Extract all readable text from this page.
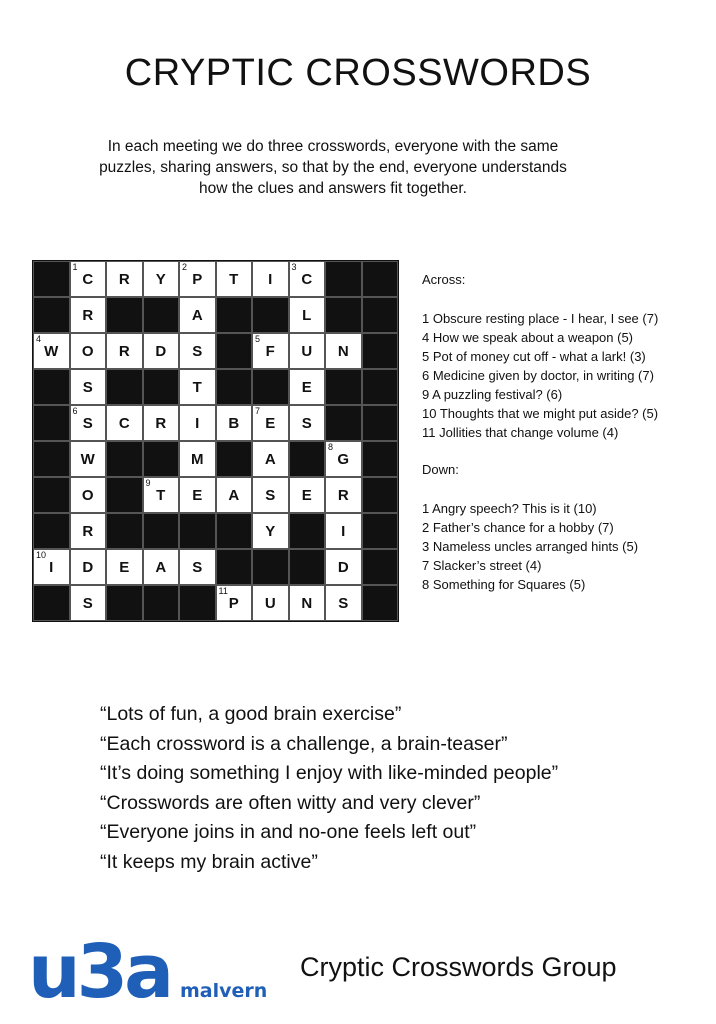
CRYPTIC CROSSWORDS
In each meeting we do three crosswords, everyone with the same
puzzles, sharing answers, so that by the end, everyone understands
how the clues and answers fit together.
1
C R Y
2
P T I
3
C
R	A	L
4
W O R D S
5
F U N
S	T	E
6
S C R I B
7
E S
W	M	A
8
G
O
9
T E A S E R
R	Y	I
10
I D E A S	D
S
11
P U N S
Across:
1 Obscure resting place - I hear, I see (7)
4 How we speak about a weapon (5)
5 Pot of money cut off - what a lark! (3)
6 Medicine given by doctor, in writing (7)
9 A puzzling festival? (6)
10 Thoughts that we might put aside? (5)
11 Jollities that change volume (4)
Down:
1 Angry speech? This is it (10)
2 Father’s chance for a hobby (7)
3 Nameless uncles arranged hints (5)
7 Slacker’s street (4)
8 Something for Squares (5)
“Lots of fun, a good brain exercise”
“Each crossword is a challenge, a brain-teaser”
“It’s doing something I enjoy with like-minded people”
“Crosswords are often witty and very clever”
“Everyone joins in and no-one feels left out”
“It keeps my brain active”
u3a malvern
Cryptic Crosswords Group
